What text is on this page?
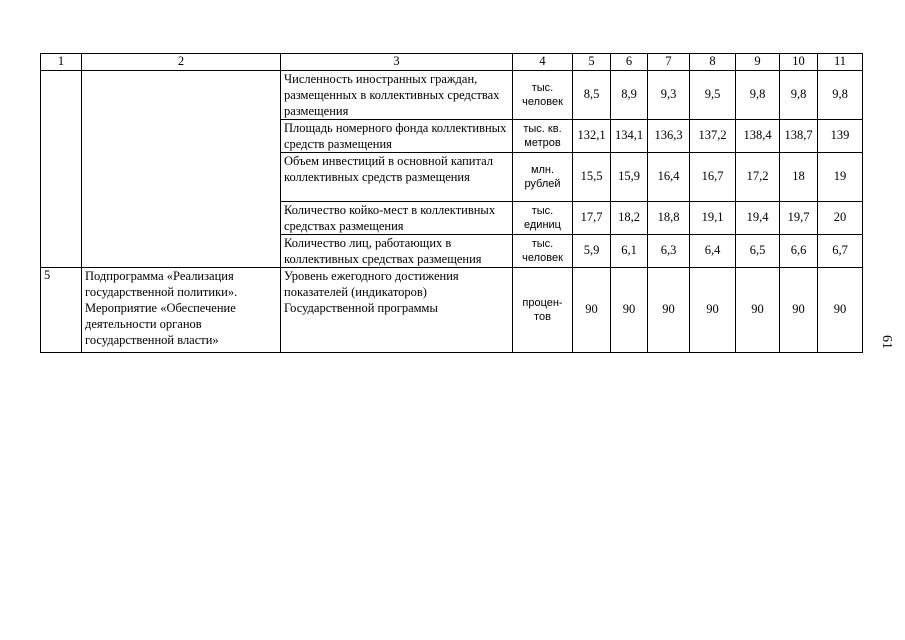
1	2	3	4	5	6	7	8	9	10	11
		Численность иностранных граждан, размещенных в коллективных средствах размещения	тыс. человек	8,5	8,9	9,3	9,5	9,8	9,8	9,8
		Площадь номерного фонда коллективных средств размещения	тыс. кв. метров	132,1	134,1	136,3	137,2	138,4	138,7	139
		Объем инвестиций в основной капитал коллективных средств размещения	млн. рублей	15,5	15,9	16,4	16,7	17,2	18	19
		Количество койко-мест в коллективных средствах размещения	тыс. единиц	17,7	18,2	18,8	19,1	19,4	19,7	20
		Количество лиц, работающих в коллективных средствах размещения	тыс. человек	5,9	6,1	6,3	6,4	6,5	6,6	6,7
5	Подпрограмма «Реализация государственной политики». Мероприятие «Обеспечение деятельности органов государственной власти»	Уровень ежегодного достижения показателей (индикаторов) Государственной программы	процен-тов	90	90	90	90	90	90	90
61
